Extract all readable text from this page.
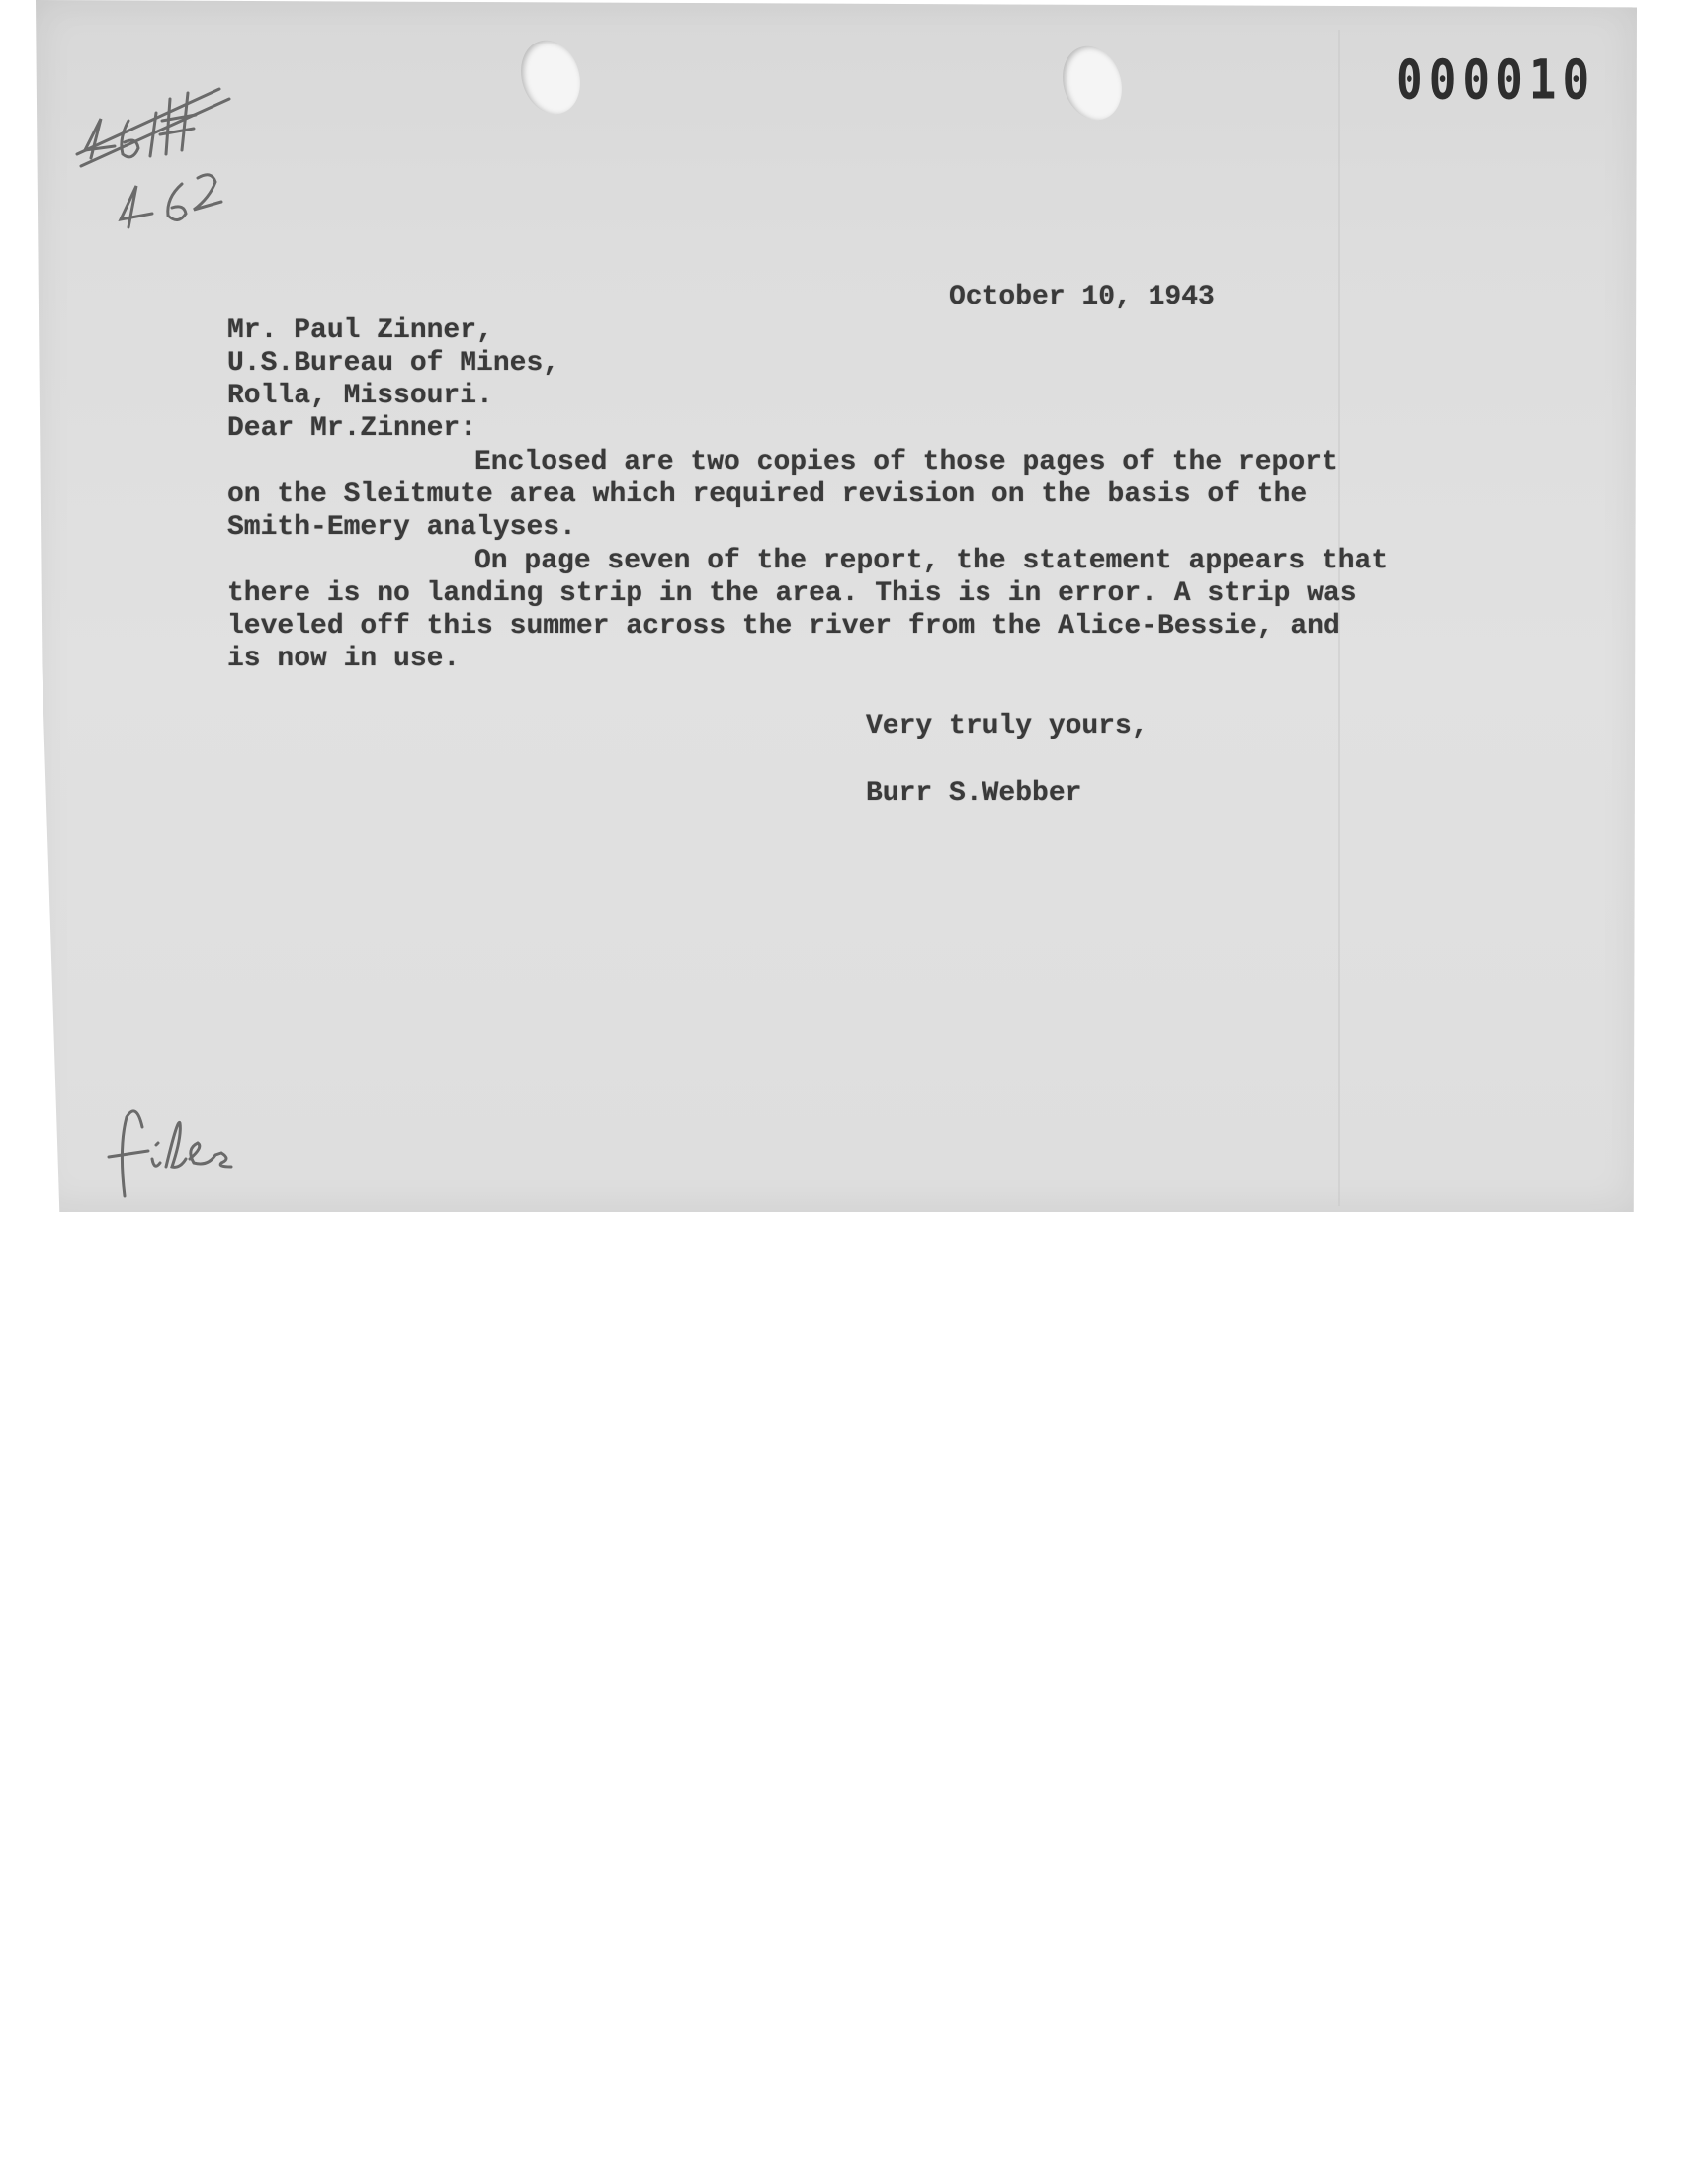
000010
October 10, 1943
Mr. Paul Zinner,
U.S.Bureau of Mines,
Rolla, Missouri.
Dear Mr.Zinner:
Enclosed are two copies of those pages of the report
on the Sleitmute area which required revision on the basis of the
Smith-Emery analyses.
On page seven of the report, the statement appears that
there is no landing strip in the area. This is in error. A strip was
leveled off this summer across the river from the Alice-Bessie, and
is now in use.
Very truly yours,
Burr S.Webber
